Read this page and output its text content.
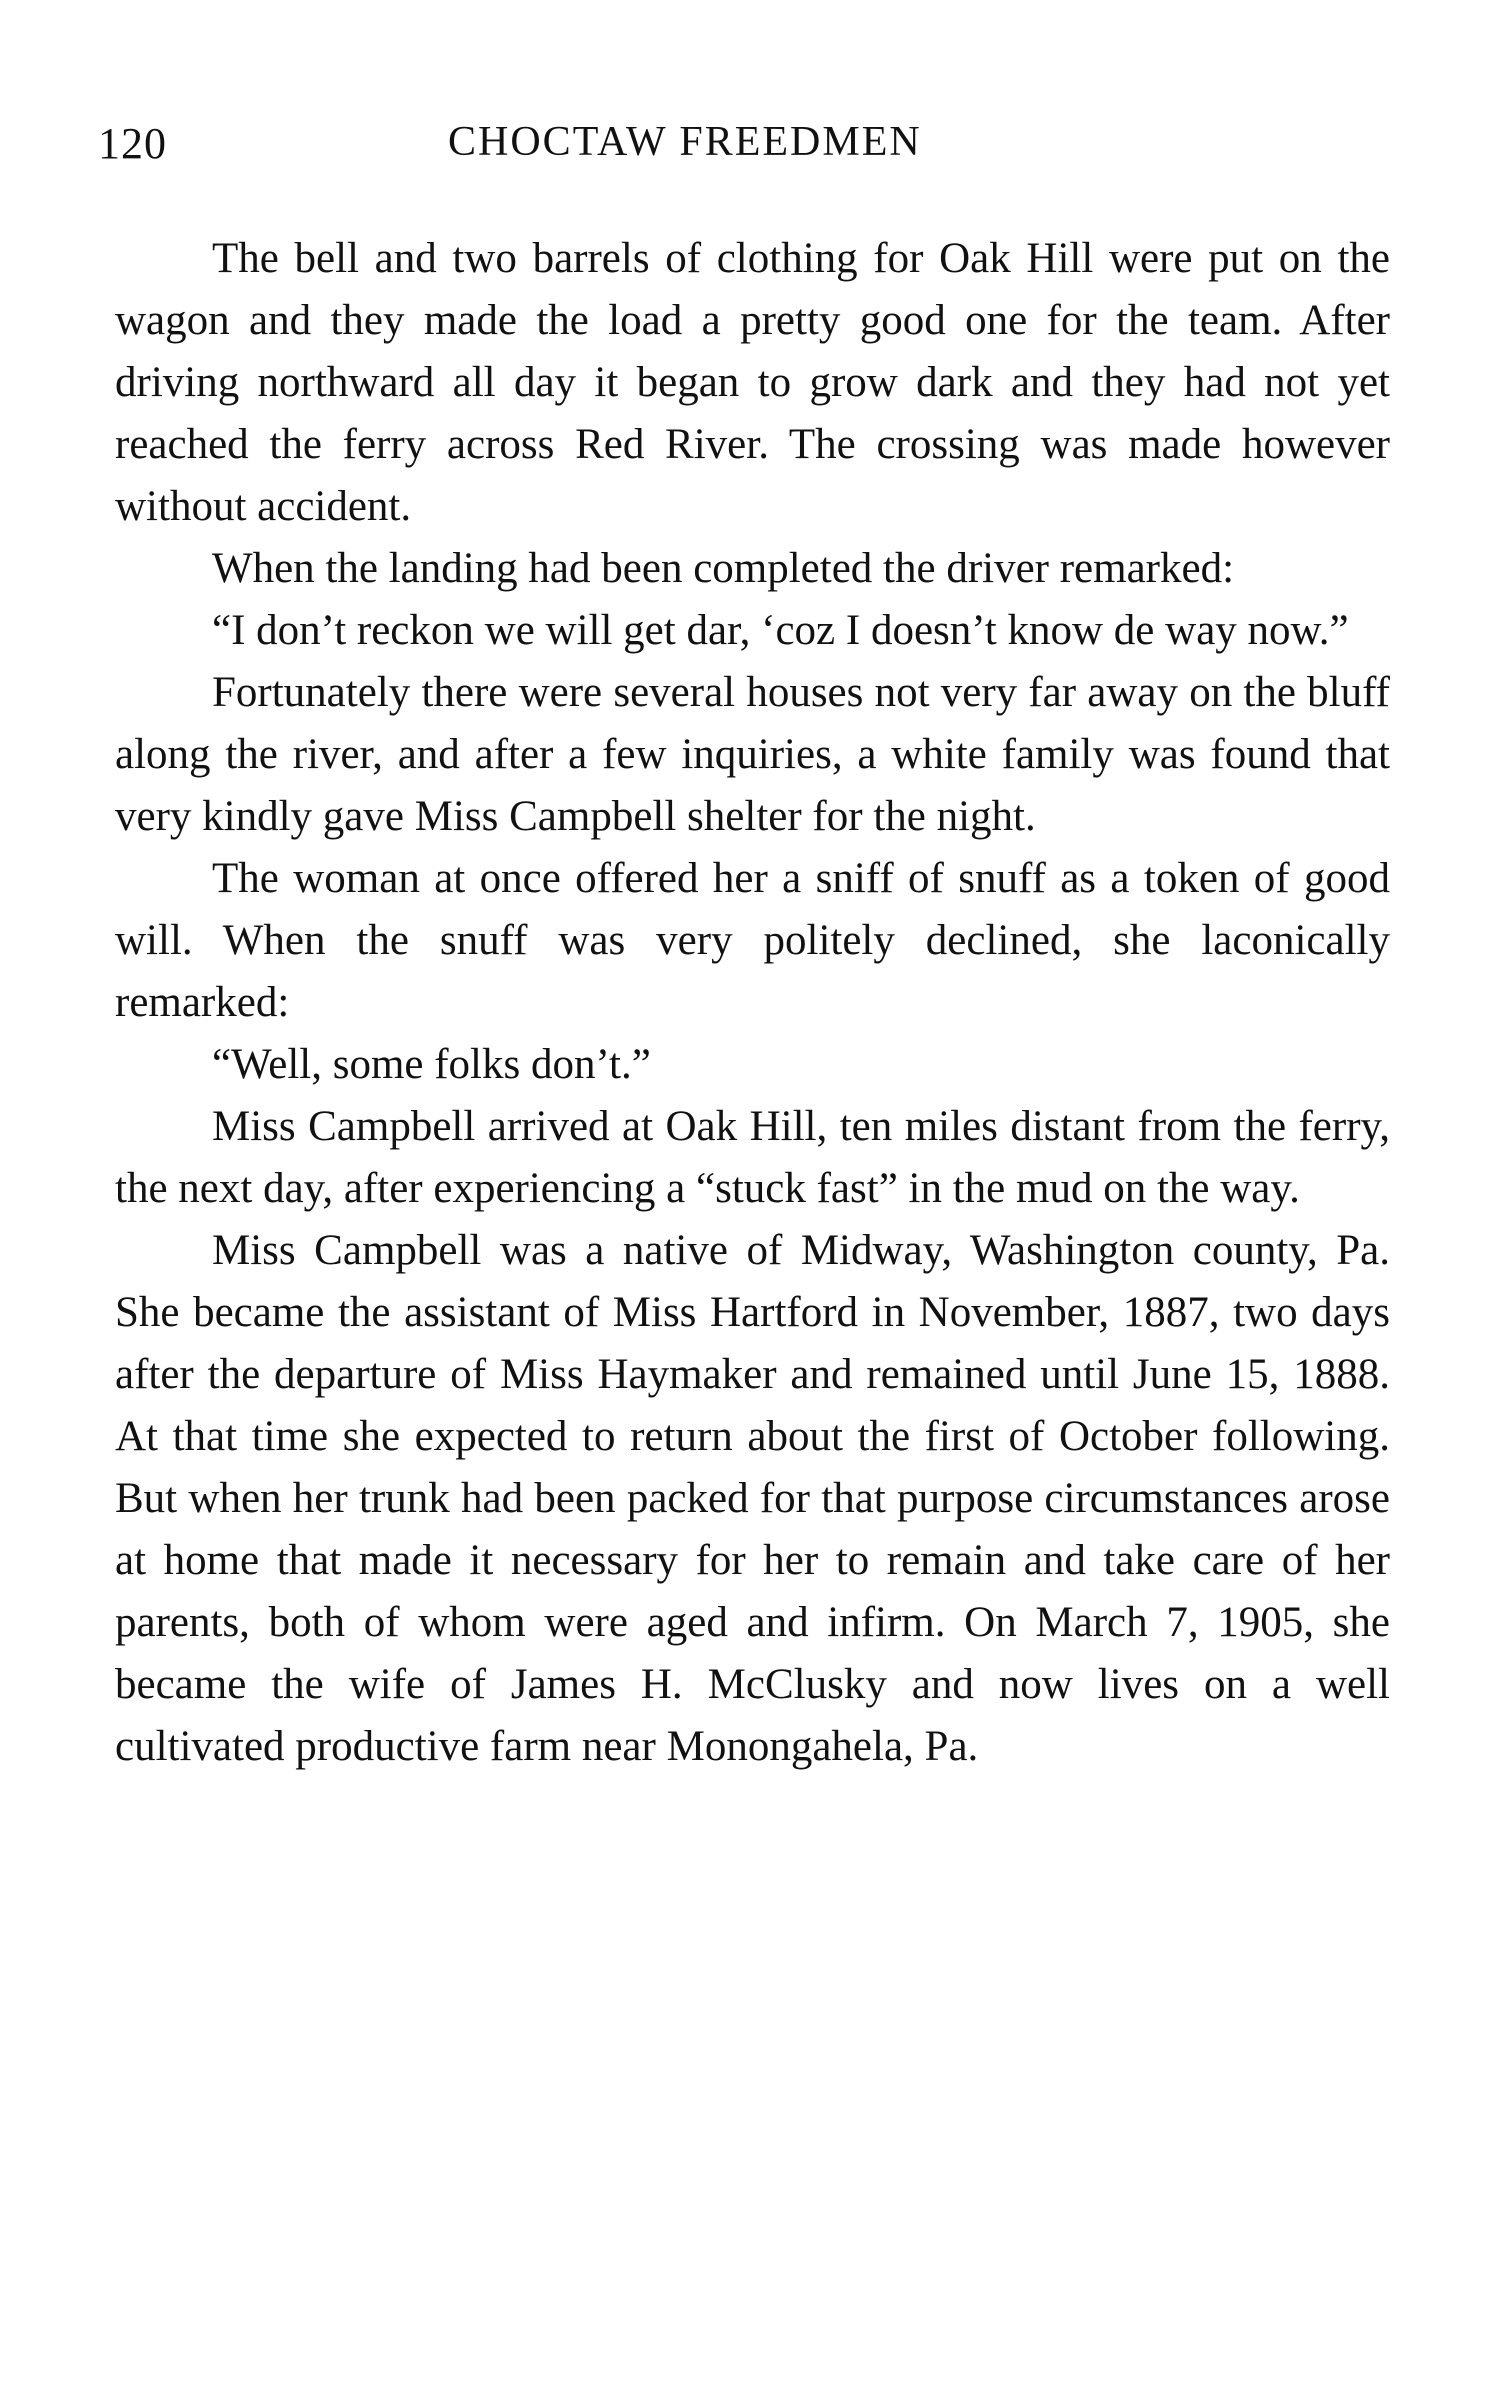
120	CHOCTAW FREEDMEN

The bell and two barrels of clothing for Oak Hill were put on the wagon and they made the load a pretty good one for the team. After driving northward all day it began to grow dark and they had not yet reached the ferry across Red River. The crossing was made however without accident.

When the landing had been completed the driver remarked:

“I don’t reckon we will get dar, ‘coz I doesn’t know de way now.”

Fortunately there were several houses not very far away on the bluff along the river, and after a few inquiries, a white family was found that very kindly gave Miss Campbell shelter for the night.

The woman at once offered her a sniff of snuff as a token of good will. When the snuff was very politely declined, she laconically remarked:

“Well, some folks don’t.”

Miss Campbell arrived at Oak Hill, ten miles distant from the ferry, the next day, after experiencing a “stuck fast” in the mud on the way.

Miss Campbell was a native of Midway, Washington county, Pa. She became the assistant of Miss Hartford in November, 1887, two days after the departure of Miss Haymaker and remained until June 15, 1888. At that time she expected to return about the first of October following. But when her trunk had been packed for that purpose circumstances arose at home that made it necessary for her to remain and take care of her parents, both of whom were aged and infirm. On March 7, 1905, she became the wife of James H. McClusky and now lives on a well cultivated productive farm near Monongahela, Pa.
